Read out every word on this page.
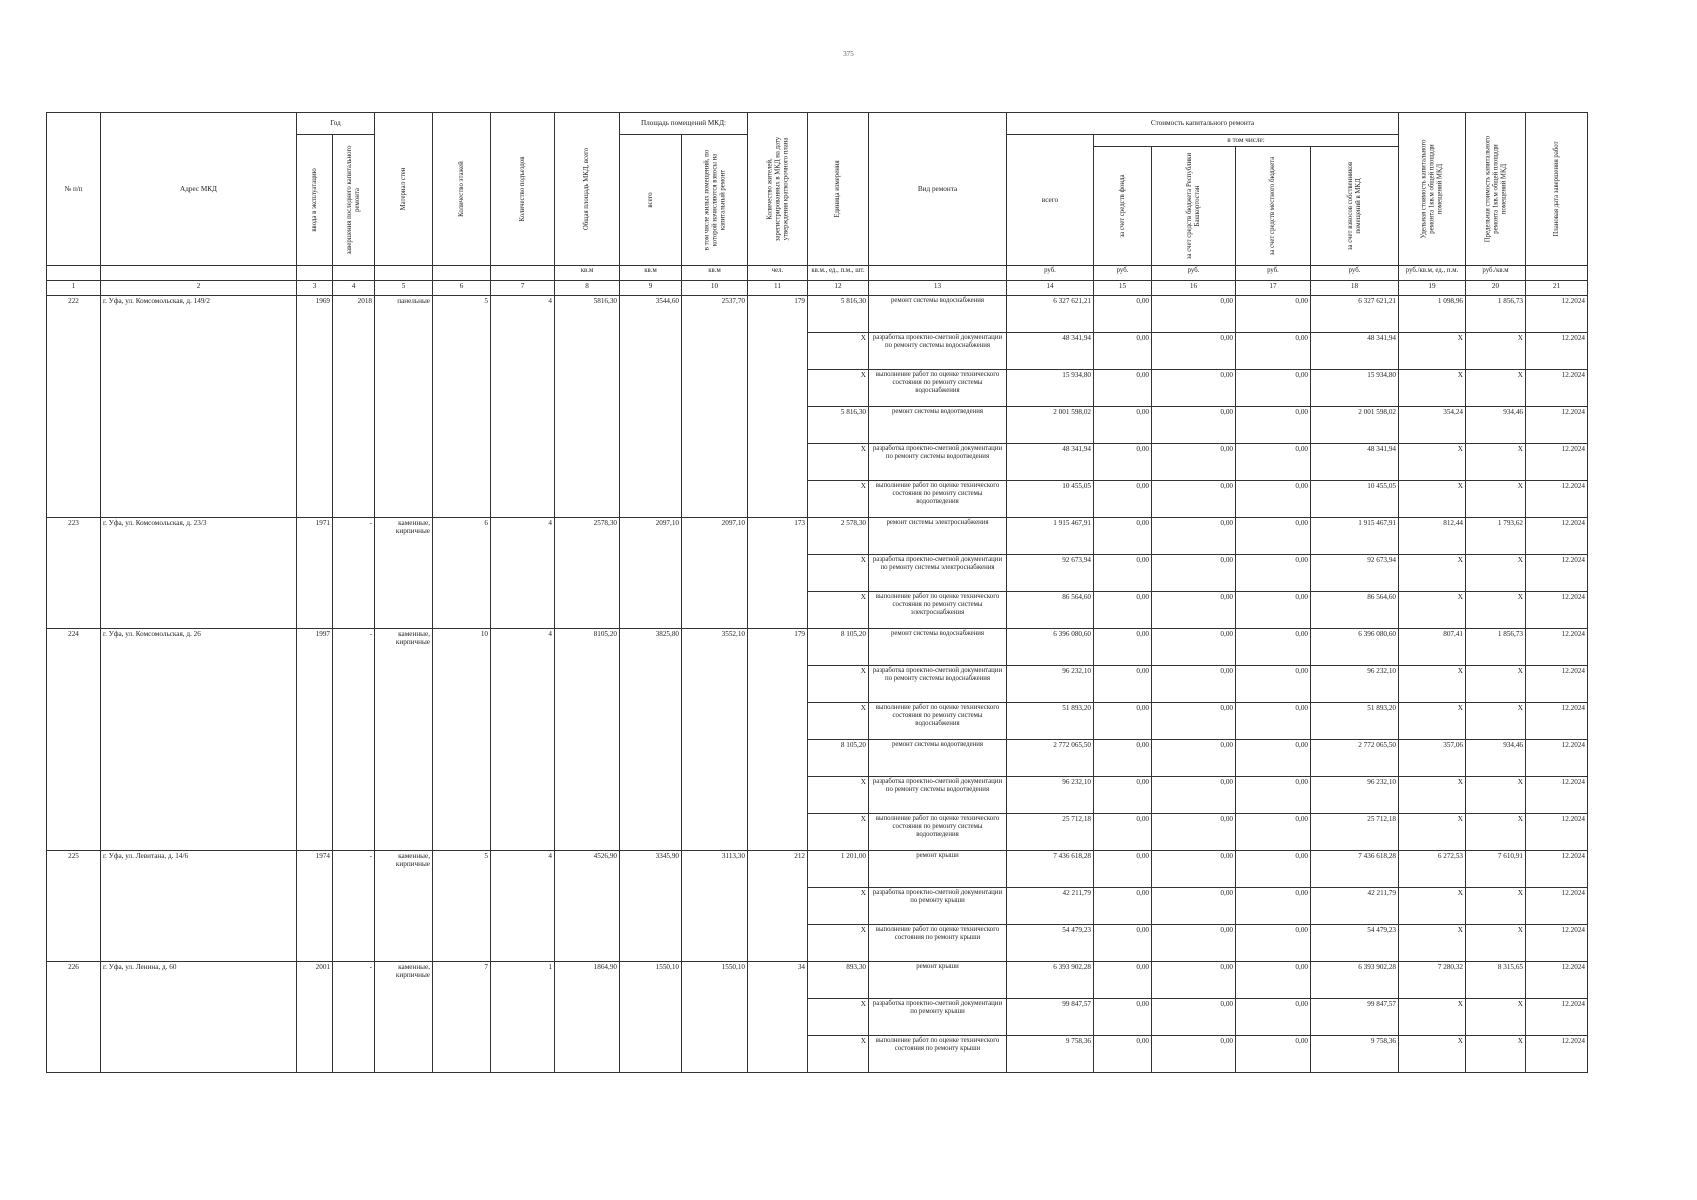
375
№ п/п	Адрес МКД	Год		Материал стен	Количество этажей	Количество подъездов	Общая площадь МКД, всего	Площадь помещений МКД:		Количество жителей, зарегистрированных в МКД на дату утверждения краткосрочного плана	Единица измерения	Вид ремонта	Стоимость капитального ремонта					Удельная стоимость капитального ремонта 1кв.м общей площади помещений МКД	Предельная стоимость капитального ремонта 1кв.м общей площади помещений МКД	Плановая дата завершения работ

		ввода в эксплуатацию	завершения последнего капитального ремонта					всего	в том числе жилых помещений, по которой начисляются взносы на капитальный ремонт				всего	в том числе:						

														за счет средств фонда	за счет средств бюджета Республики Башкортостан	за счет средств местного бюджета	за счет взносов собственников помещений в МКД			

							кв.м	кв.м	кв.м	чел.	кв.м., ед., п.м., шт.		руб.	руб.	руб.	руб.	руб.	руб./кв.м, ед., п.м.	руб./кв.м	
1	2	3	4	5	6	7	8	9	10	11	12	13	14	15	16	17	18	19	20	21
222	г. Уфа, ул. Комсомольская, д. 149/2	1969	2018	панельные	5	4	5816,30	3544,60	2537,70	179	5 816,30	ремонт системы водоснабжения	6 327 621,21	0,00	0,00	0,00	6 327 621,21	1 098,96	1 856,73	12.2024
											X	разработка проектно-сметной документации по ремонту системы водоснабжения	48 341,94	0,00	0,00	0,00	48 341,94	X	X	12.2024
											X	выполнение работ по оценке технического состояния по ремонту системы водоснабжения	15 934,80	0,00	0,00	0,00	15 934,80	X	X	12.2024
											5 816,30	ремонт системы водоотведения	2 001 598,02	0,00	0,00	0,00	2 001 598,02	354,24	934,46	12.2024
											X	разработка проектно-сметной документации по ремонту системы водоотведения	48 341,94	0,00	0,00	0,00	48 341,94	X	X	12.2024
											X	выполнение работ по оценке технического состояния по ремонту системы водоотведения	10 455,05	0,00	0,00	0,00	10 455,05	X	X	12.2024
223	г. Уфа, ул. Комсомольская, д. 23/3	1971	-	каменные, кирпичные	6	4	2578,30	2097,10	2097,10	173	2 578,30	ремонт системы электроснабжения	1 915 467,91	0,00	0,00	0,00	1 915 467,91	812,44	1 793,62	12.2024
											X	разработка проектно-сметной документации по ремонту системы электроснабжения	92 673,94	0,00	0,00	0,00	92 673,94	X	X	12.2024
											X	выполнение работ по оценке технического состояния по ремонту системы электроснабжения	86 564,60	0,00	0,00	0,00	86 564,60	X	X	12.2024
224	г. Уфа, ул. Комсомольская, д. 26	1997	-	каменные, кирпичные	10	4	8105,20	3825,80	3552,10	179	8 105,20	ремонт системы водоснабжения	6 396 080,60	0,00	0,00	0,00	6 396 080,60	807,41	1 856,73	12.2024
											X	разработка проектно-сметной документации по ремонту системы водоснабжения	96 232,10	0,00	0,00	0,00	96 232,10	X	X	12.2024
											X	выполнение работ по оценке технического состояния по ремонту системы водоснабжения	51 893,20	0,00	0,00	0,00	51 893,20	X	X	12.2024
											8 105,20	ремонт системы водоотведения	2 772 065,50	0,00	0,00	0,00	2 772 065,50	357,06	934,46	12.2024
											X	разработка проектно-сметной документации по ремонту системы водоотведения	96 232,10	0,00	0,00	0,00	96 232,10	X	X	12.2024
											X	выполнение работ по оценке технического состояния по ремонту системы водоотведения	25 712,18	0,00	0,00	0,00	25 712,18	X	X	12.2024
225	г. Уфа, ул. Левитана, д. 14/6	1974	-	каменные, кирпичные	5	4	4526,90	3345,90	3113,30	212	1 201,00	ремонт крыши	7 436 618,28	0,00	0,00	0,00	7 436 618,28	6 272,53	7 610,91	12.2024
											X	разработка проектно-сметной документации по ремонту крыши	42 211,79	0,00	0,00	0,00	42 211,79	X	X	12.2024
											X	выполнение работ по оценке технического состояния по ремонту крыши	54 479,23	0,00	0,00	0,00	54 479,23	X	X	12.2024
226	г. Уфа, ул. Ленина, д. 60	2001	-	каменные, кирпичные	7	1	1864,90	1550,10	1550,10	34	893,30	ремонт крыши	6 393 902,28	0,00	0,00	0,00	6 393 902,28	7 280,32	8 315,65	12.2024
											X	разработка проектно-сметной документации по ремонту крыши	99 847,57	0,00	0,00	0,00	99 847,57	X	X	12.2024
											X	выполнение работ по оценке технического состояния по ремонту крыши	9 758,36	0,00	0,00	0,00	9 758,36	X	X	12.2024
